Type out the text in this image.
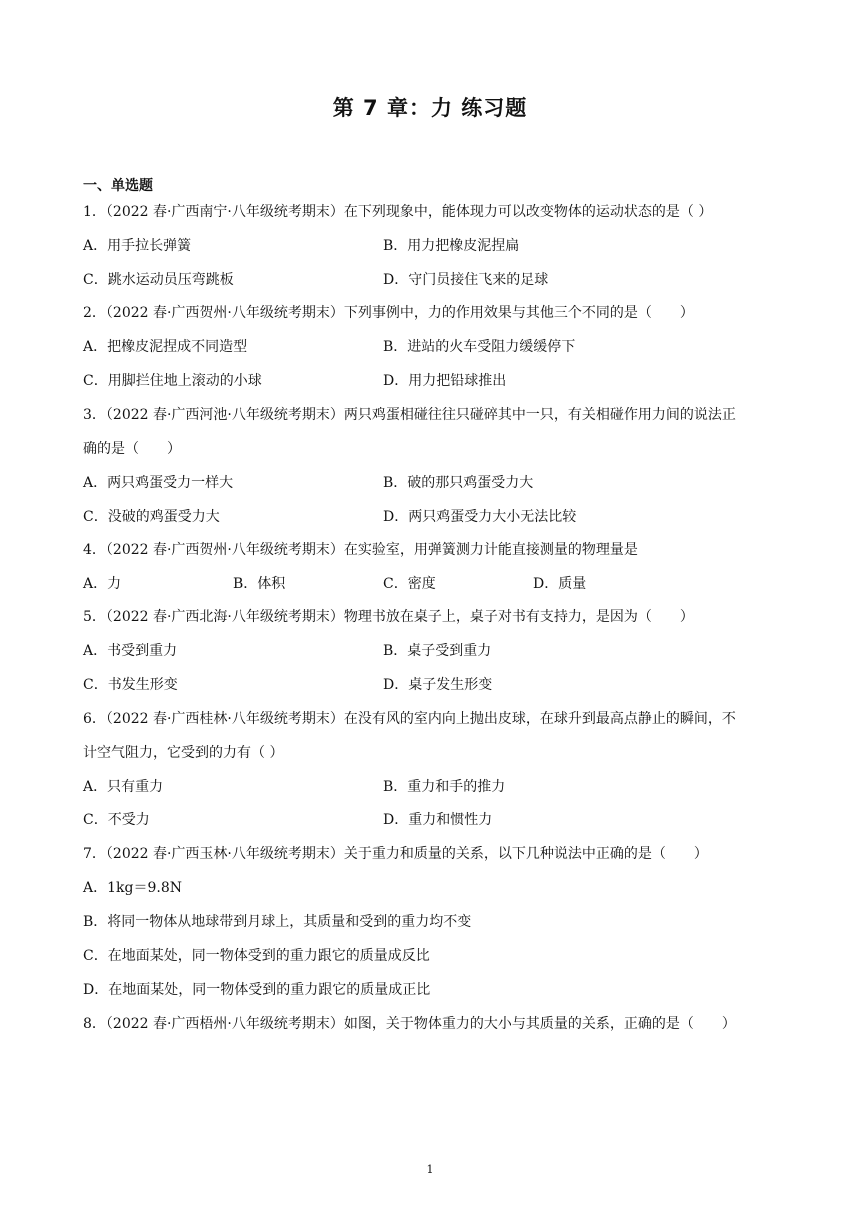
第 7 章：力 练习题
一、单选题
1．（2022 春·广西南宁·八年级统考期末）在下列现象中，能体现力可以改变物体的运动状态的是（ ）
A．用手拉长弹簧	B．用力把橡皮泥捏扁
C．跳水运动员压弯跳板	D．守门员接住飞来的足球
2．（2022 春·广西贺州·八年级统考期末）下列事例中，力的作用效果与其他三个不同的是（　　）
A．把橡皮泥捏成不同造型	B．进站的火车受阻力缓缓停下
C．用脚拦住地上滚动的小球	D．用力把铅球推出
3．（2022 春·广西河池·八年级统考期末）两只鸡蛋相碰往往只碰碎其中一只，有关相碰作用力间的说法正
确的是（　　）
A．两只鸡蛋受力一样大	B．破的那只鸡蛋受力大
C．没破的鸡蛋受力大	D．两只鸡蛋受力大小无法比较
4．（2022 春·广西贺州·八年级统考期末）在实验室，用弹簧测力计能直接测量的物理量是
A．力	B．体积	C．密度	D．质量
5．（2022 春·广西北海·八年级统考期末）物理书放在桌子上，桌子对书有支持力，是因为（　　）
A．书受到重力	B．桌子受到重力
C．书发生形变	D．桌子发生形变
6．（2022 春·广西桂林·八年级统考期末）在没有风的室内向上抛出皮球，在球升到最高点静止的瞬间，不
计空气阻力，它受到的力有（ ）
A．只有重力	B．重力和手的推力
C．不受力	D．重力和惯性力
7．（2022 春·广西玉林·八年级统考期末）关于重力和质量的关系，以下几种说法中正确的是（　　）
A．1kg＝9.8N
B．将同一物体从地球带到月球上，其质量和受到的重力均不变
C．在地面某处，同一物体受到的重力跟它的质量成反比
D．在地面某处，同一物体受到的重力跟它的质量成正比
8．（2022 春·广西梧州·八年级统考期末）如图，关于物体重力的大小与其质量的关系，正确的是（　　）
1
